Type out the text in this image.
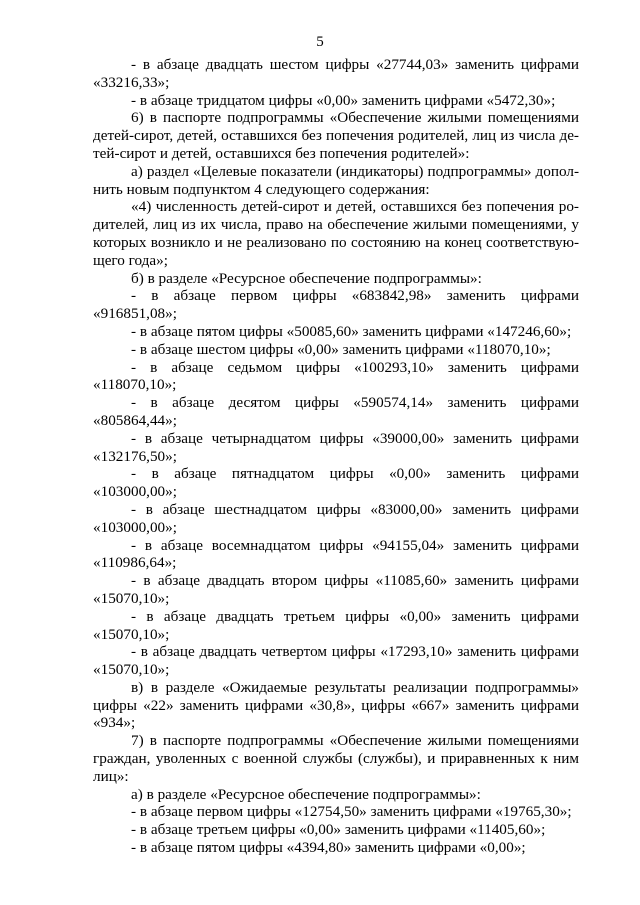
5

- в абзаце двадцать шестом цифры «27744,03» заменить цифрами

«33216,33»;

- в абзаце тридцатом цифры «0,00» заменить цифрами «5472,30»;

6) в паспорте подпрограммы «Обеспечение жилыми помещениями

детей-сирот, детей, оставшихся без попечения родителей, лиц из числа де-

тей-сирот и детей, оставшихся без попечения родителей»:

а) раздел «Целевые показатели (индикаторы) подпрограммы» допол-

нить новым подпунктом 4 следующего содержания:

«4) численность детей-сирот и детей, оставшихся без попечения ро-

дителей, лиц из их числа, право на обеспечение жилыми помещениями, у

которых возникло и не реализовано по состоянию на конец соответствую-

щего года»;

б) в разделе «Ресурсное обеспечение подпрограммы»:

- в абзаце первом цифры «683842,98» заменить цифрами

«916851,08»;

- в абзаце пятом цифры «50085,60» заменить цифрами «147246,60»;

- в абзаце шестом цифры «0,00» заменить цифрами «118070,10»;

- в абзаце седьмом цифры «100293,10» заменить цифрами

«118070,10»;

- в абзаце десятом цифры «590574,14» заменить цифрами

«805864,44»;

- в абзаце четырнадцатом цифры «39000,00» заменить цифрами

«132176,50»;

- в абзаце пятнадцатом цифры «0,00» заменить цифрами

«103000,00»;

- в абзаце шестнадцатом цифры «83000,00» заменить цифрами

«103000,00»;

- в абзаце восемнадцатом цифры «94155,04» заменить цифрами

«110986,64»;

- в абзаце двадцать втором цифры «11085,60» заменить цифрами

«15070,10»;

- в абзаце двадцать третьем цифры «0,00» заменить цифрами

«15070,10»;

- в абзаце двадцать четвертом цифры «17293,10» заменить цифрами

«15070,10»;

в) в разделе «Ожидаемые результаты реализации подпрограммы»

цифры «22» заменить цифрами «30,8», цифры «667» заменить цифрами

«934»;

7) в паспорте подпрограммы «Обеспечение жилыми помещениями

граждан, уволенных с военной службы (службы), и приравненных к ним

лиц»:

а) в разделе «Ресурсное обеспечение подпрограммы»:

- в абзаце первом цифры «12754,50» заменить цифрами «19765,30»;

- в абзаце третьем цифры «0,00» заменить цифрами «11405,60»;

- в абзаце пятом цифры «4394,80» заменить цифрами «0,00»;
